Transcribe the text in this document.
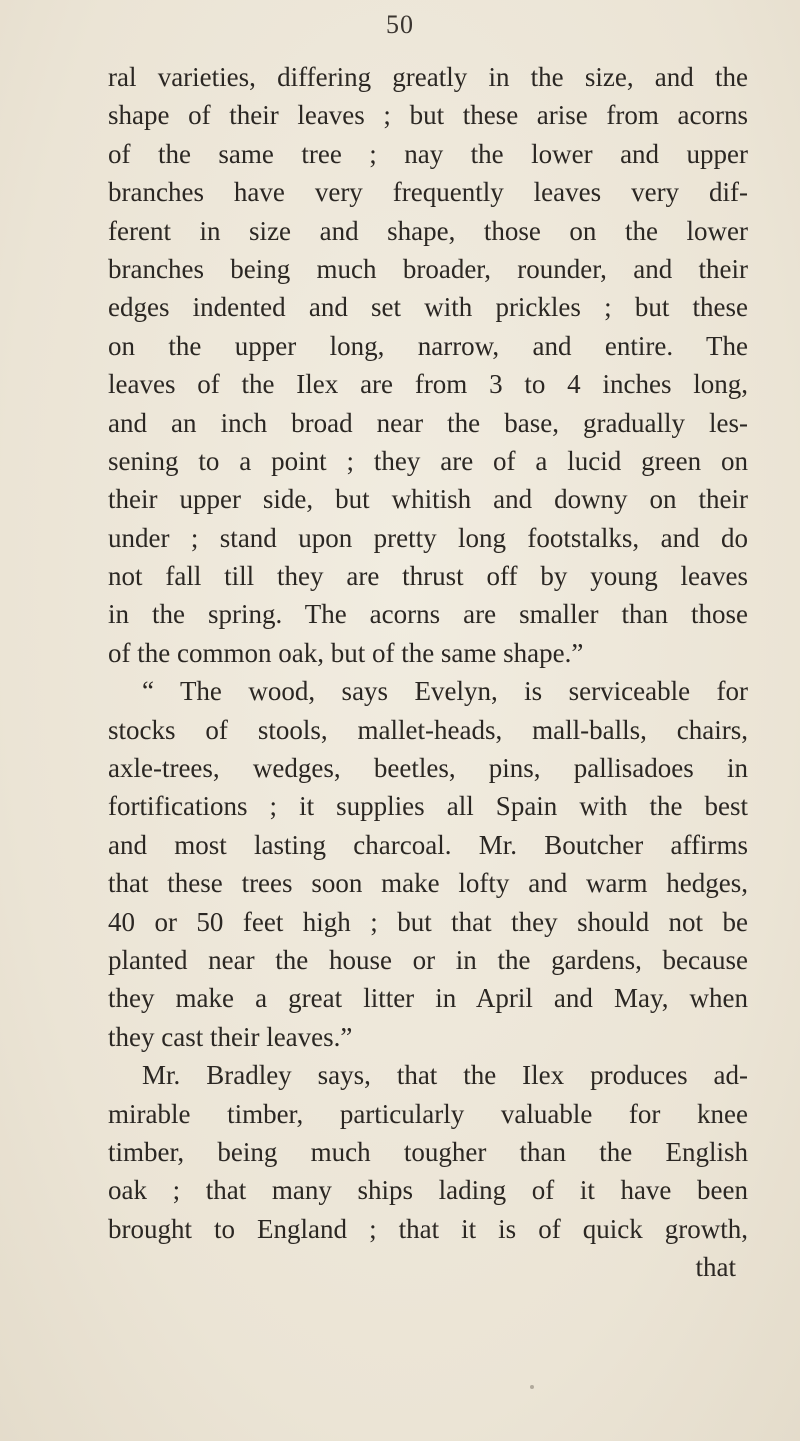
50
ral varieties, differing greatly in the size, and the
shape of their leaves ; but these arise from acorns
of the same tree ; nay the lower and upper
branches have very frequently leaves very dif-
ferent in size and shape, those on the lower
branches being much broader, rounder, and their
edges indented and set with prickles ; but these
on the upper long, narrow, and entire. The
leaves of the Ilex are from 3 to 4 inches long,
and an inch broad near the base, gradually les-
sening to a point ; they are of a lucid green on
their upper side, but whitish and downy on their
under ; stand upon pretty long footstalks, and do
not fall till they are thrust off by young leaves
in the spring. The acorns are smaller than those
of the common oak, but of the same shape.”
“ The wood, says Evelyn, is serviceable for
stocks of stools, mallet-heads, mall-balls, chairs,
axle-trees, wedges, beetles, pins, pallisadoes in
fortifications ; it supplies all Spain with the best
and most lasting charcoal. Mr. Boutcher affirms
that these trees soon make lofty and warm hedges,
40 or 50 feet high ; but that they should not be
planted near the house or in the gardens, because
they make a great litter in April and May, when
they cast their leaves.”
Mr. Bradley says, that the Ilex produces ad-
mirable timber, particularly valuable for knee
timber, being much tougher than the English
oak ; that many ships lading of it have been
brought to England ; that it is of quick growth,
that
